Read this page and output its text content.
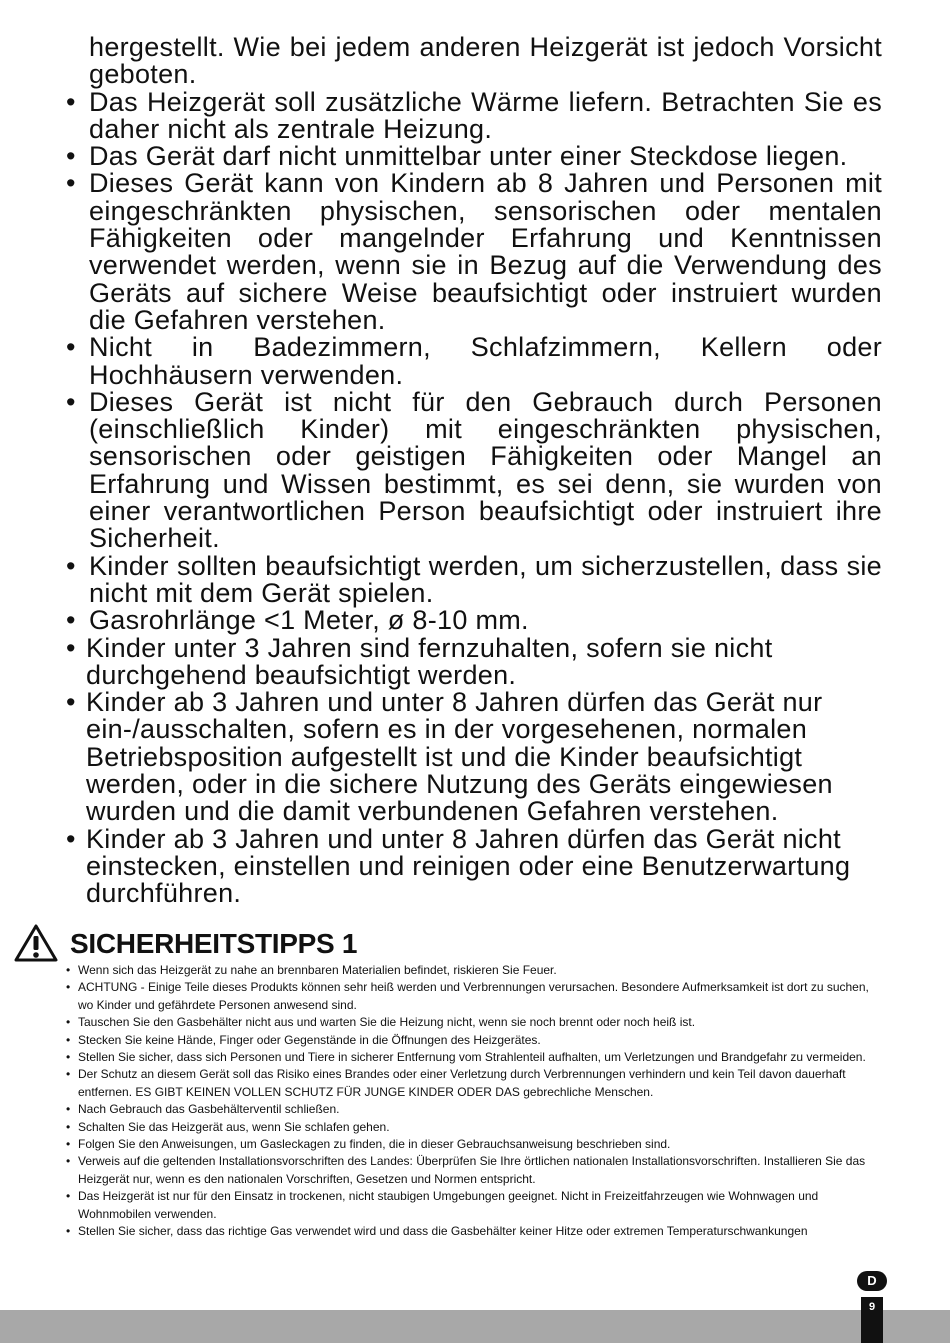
hergestellt. Wie bei jedem anderen Heizgerät ist jedoch Vorsicht geboten.
• Das Heizgerät soll zusätzliche Wärme liefern. Betrachten Sie es daher nicht als zentrale Heizung.
• Das Gerät darf nicht unmittelbar unter einer Steckdose liegen.
• Dieses Gerät kann von Kindern ab 8 Jahren und Personen mit eingeschränkten physischen, sensorischen oder mentalen Fähigkeiten oder mangelnder Erfahrung und Kenntnissen verwendet werden, wenn sie in Bezug auf die Verwendung des Geräts auf sichere Weise beaufsichtigt oder instruiert wurden die Gefahren verstehen.
• Nicht in Badezimmern, Schlafzimmern, Kellern oder Hochhäusern verwenden.
• Dieses Gerät ist nicht für den Gebrauch durch Personen (einschließlich Kinder) mit eingeschränkten physischen, sensorischen oder geistigen Fähigkeiten oder Mangel an Erfahrung und Wissen bestimmt, es sei denn, sie wurden von einer verantwortlichen Person beaufsichtigt oder instruiert ihre Sicherheit.
• Kinder sollten beaufsichtigt werden, um sicherzustellen, dass sie nicht mit dem Gerät spielen.
• Gasrohrlänge <1 Meter, ø 8-10 mm.
• Kinder unter 3 Jahren sind fernzuhalten, sofern sie nicht durchgehend beaufsichtigt werden.
• Kinder ab 3 Jahren und unter 8 Jahren dürfen das Gerät nur ein-/ausschalten, sofern es in der vorgesehenen, normalen Betriebsposition aufgestellt ist und die Kinder beaufsichtigt werden, oder in die sichere Nutzung des Geräts eingewiesen wurden und die damit verbundenen Gefahren verstehen.
• Kinder ab 3 Jahren und unter 8 Jahren dürfen das Gerät nicht einstecken, einstellen und reinigen oder eine Benutzerwartung durchführen.
SICHERHEITSTIPPS 1
• Wenn sich das Heizgerät zu nahe an brennbaren Materialien befindet, riskieren Sie Feuer.
• ACHTUNG - Einige Teile dieses Produkts können sehr heiß werden und Verbrennungen verursachen. Besondere Aufmerksamkeit ist dort zu suchen, wo Kinder und gefährdete Personen anwesend sind.
• Tauschen Sie den Gasbehälter nicht aus und warten Sie die Heizung nicht, wenn sie noch brennt oder noch heiß ist.
• Stecken Sie keine Hände, Finger oder Gegenstände in die Öffnungen des Heizgerätes.
• Stellen Sie sicher, dass sich Personen und Tiere in sicherer Entfernung vom Strahlenteil aufhalten, um Verletzungen und Brandgefahr zu vermeiden.
• Der Schutz an diesem Gerät soll das Risiko eines Brandes oder einer Verletzung durch Verbrennungen verhindern und kein Teil davon dauerhaft entfernen. ES GIBT KEINEN VOLLEN SCHUTZ FÜR JUNGE KINDER ODER DAS gebrechliche Menschen.
• Nach Gebrauch das Gasbehälterventil schließen.
• Schalten Sie das Heizgerät aus, wenn Sie schlafen gehen.
• Folgen Sie den Anweisungen, um Gasleckagen zu finden, die in dieser Gebrauchsanweisung beschrieben sind.
• Verweis auf die geltenden Installationsvorschriften des Landes: Überprüfen Sie Ihre örtlichen nationalen Installationsvorschriften. Installieren Sie das Heizgerät nur, wenn es den nationalen Vorschriften, Gesetzen und Normen entspricht.
• Das Heizgerät ist nur für den Einsatz in trockenen, nicht staubigen Umgebungen geeignet. Nicht in Freizeitfahrzeugen wie Wohnwagen und Wohnmobilen verwenden.
• Stellen Sie sicher, dass das richtige Gas verwendet wird und dass die Gasbehälter keiner Hitze oder extremen Temperaturschwankungen
D
9
